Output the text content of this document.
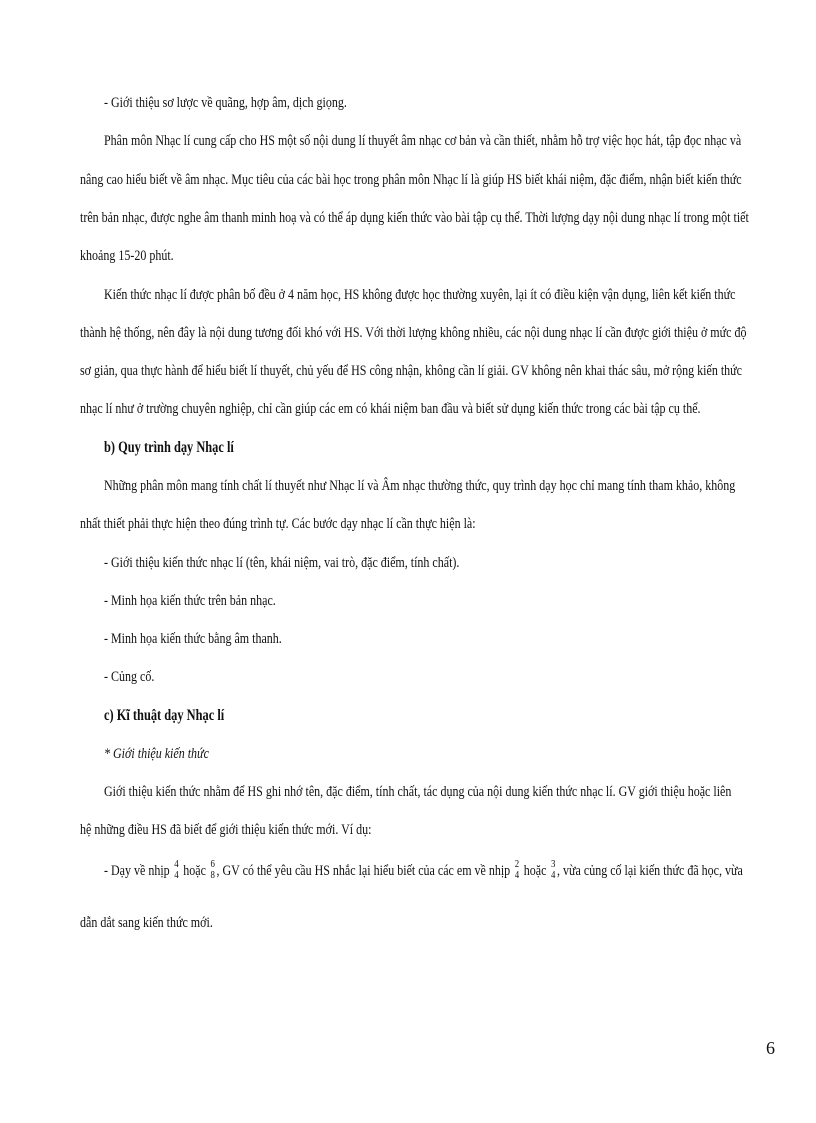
- Giới thiệu sơ lược về quãng, hợp âm, dịch giọng.
Phân môn Nhạc lí cung cấp cho HS một số nội dung lí thuyết âm nhạc cơ bản và cần thiết, nhằm hỗ trợ việc học hát, tập đọc nhạc và
nâng cao hiểu biết về âm nhạc. Mục tiêu của các bài học trong phân môn Nhạc lí là giúp HS biết khái niệm, đặc điểm, nhận biết kiến thức
trên bản nhạc, được nghe âm thanh minh hoạ và có thể áp dụng kiến thức vào bài tập cụ thể. Thời lượng dạy nội dung nhạc lí trong một tiết
khoảng 15-20 phút.
Kiến thức nhạc lí được phân bố đều ở 4 năm học, HS không được học thường xuyên, lại ít có điều kiện vận dụng, liên kết kiến thức
thành hệ thống, nên đây là nội dung tương đối khó với HS. Với thời lượng không nhiều, các nội dung nhạc lí cần được giới thiệu ở mức độ
sơ giản, qua thực hành để hiểu biết lí thuyết, chủ yếu để HS công nhận, không cần lí giải. GV không nên khai thác sâu, mở rộng kiến thức
nhạc lí như ở trường chuyên nghiệp, chỉ cần giúp các em có khái niệm ban đầu và biết sử dụng kiến thức trong các bài tập cụ thể.
b) Quy trình dạy Nhạc lí
Những phân môn mang tính chất lí thuyết như Nhạc lí và Âm nhạc thường thức, quy trình dạy học chỉ mang tính tham khảo, không
nhất thiết phải thực hiện theo đúng trình tự. Các bước dạy nhạc lí cần thực hiện là:
- Giới thiệu kiến thức nhạc lí (tên, khái niệm, vai trò, đặc điểm, tính chất).
- Minh họa kiến thức trên bản nhạc.
- Minh họa kiến thức bằng âm thanh.
- Củng cố.
c) Kĩ thuật dạy Nhạc lí
* Giới thiệu kiến thức
Giới thiệu kiến thức nhằm để HS ghi nhớ tên, đặc điểm, tính chất, tác dụng của nội dung kiến thức nhạc lí. GV giới thiệu hoặc liên
hệ những điều HS đã biết để giới thiệu kiến thức mới. Ví dụ:
- Dạy về nhịp 4
4 hoặc 6
8 , GV có thể yêu cầu HS nhắc lại hiểu biết của các em về nhịp 2
4 hoặc 3
4 , vừa củng cố lại kiến thức đã học, vừa
dẫn dắt sang kiến thức mới.
6
